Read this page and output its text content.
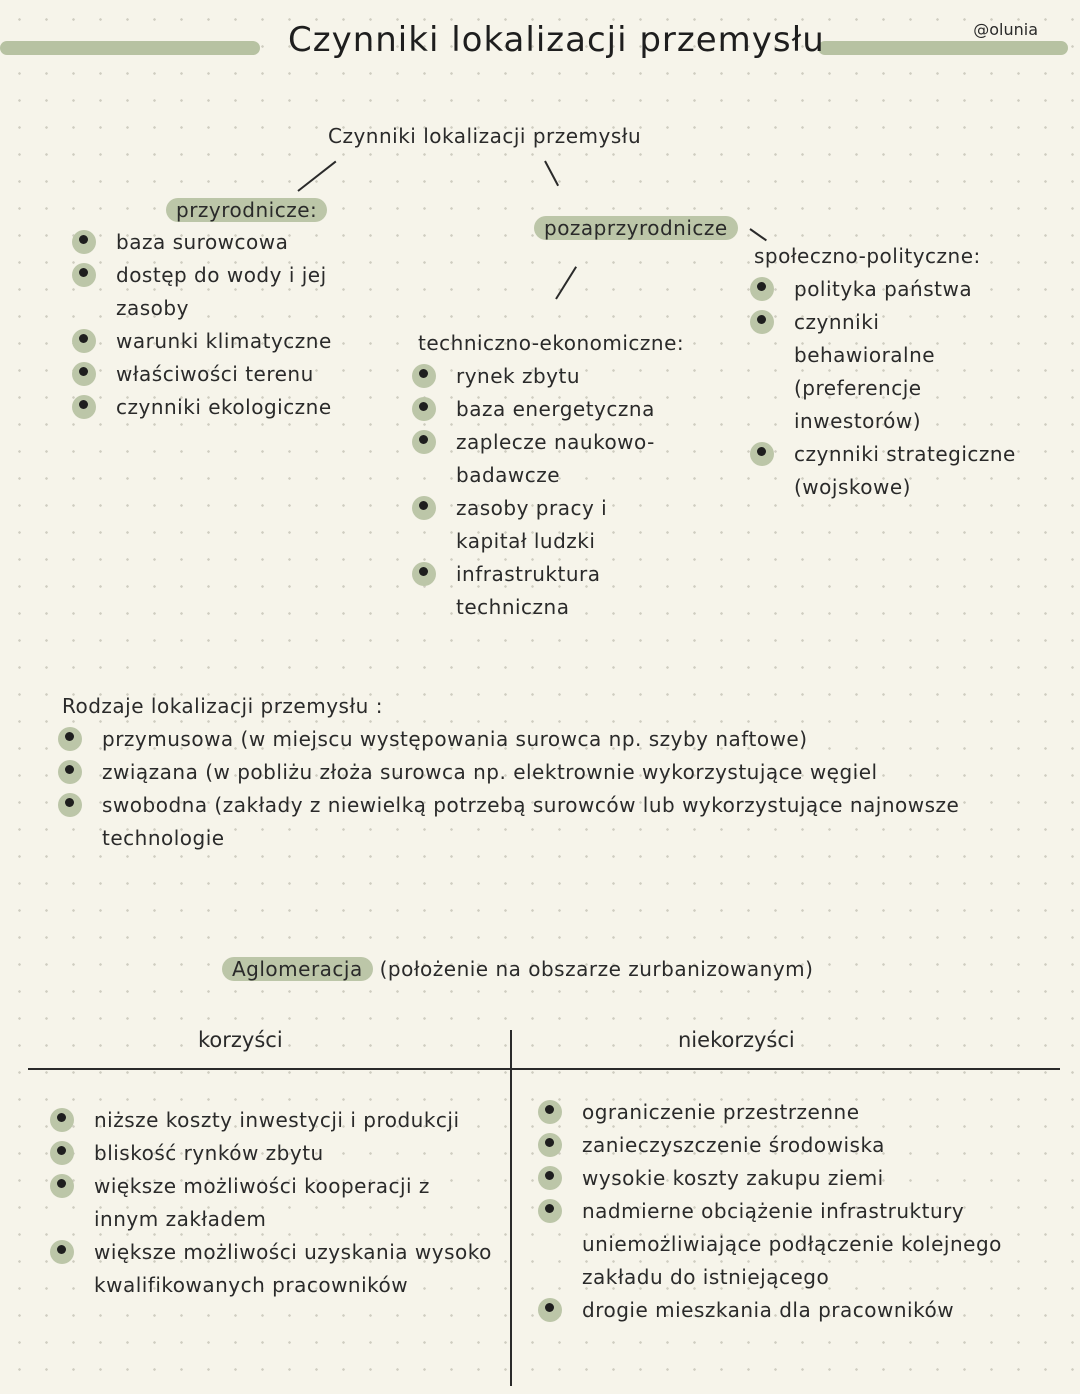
Czynniki lokalizacji przemysłu	@olunia
Czynniki lokalizacji przemysłu
przyrodnicze:
baza surowcowa
dostęp do wody i jej
zasoby
warunki klimatyczne
właściwości terenu
czynniki ekologiczne
pozaprzyrodnicze
techniczno-ekonomiczne:
rynek zbytu
baza energetyczna
zaplecze naukowo-
badawcze
zasoby pracy i
kapitał ludzki
infrastruktura
techniczna
społeczno-polityczne:
polityka państwa
czynniki
behawioralne
(preferencje
inwestorów)
czynniki strategiczne
(wojskowe)
Rodzaje lokalizacji przemysłu :
przymusowa (w miejscu występowania surowca np. szyby naftowe)
związana (w pobliżu złoża surowca np. elektrownie wykorzystujące węgiel
swobodna (zakłady z niewielką potrzebą surowców lub wykorzystujące najnowsze
technologie
Aglomeracja (położenie na obszarze zurbanizowanym)
korzyści	niekorzyści
niższe koszty inwestycji i produkcji
bliskość rynków zbytu
większe możliwości kooperacji z
innym zakładem
większe możliwości uzyskania wysoko
kwalifikowanych pracowników
ograniczenie przestrzenne
zanieczyszczenie środowiska
wysokie koszty zakupu ziemi
nadmierne obciążenie infrastruktury
uniemożliwiające podłączenie kolejnego
zakładu do istniejącego
drogie mieszkania dla pracowników
